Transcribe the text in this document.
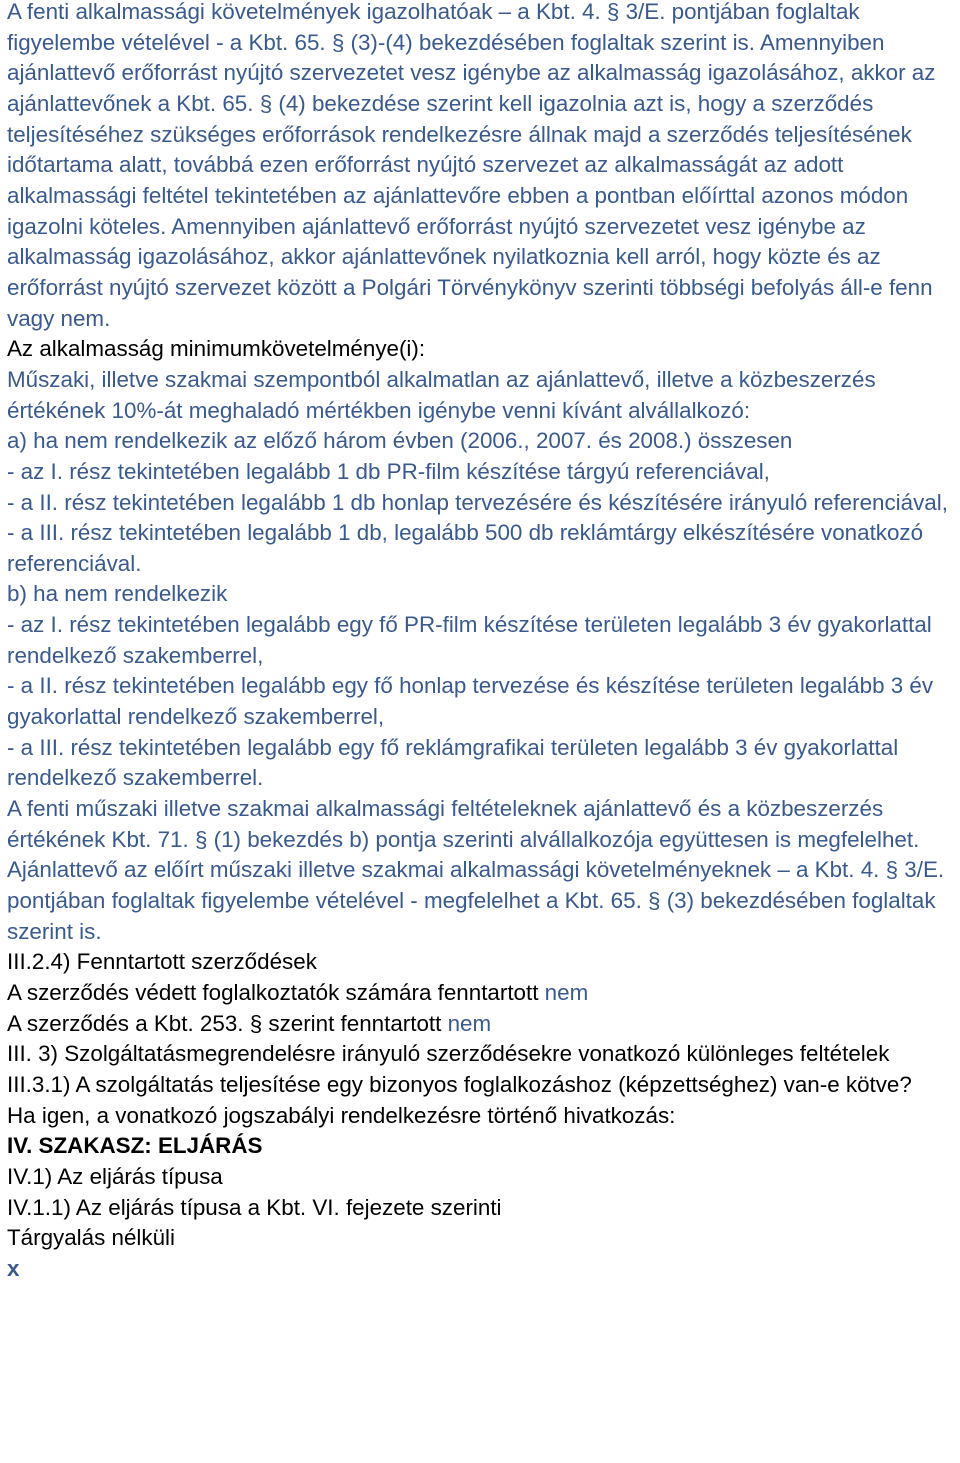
A fenti alkalmassági követelmények igazolhatóak – a Kbt. 4. § 3/E. pontjában foglaltak figyelembe vételével - a Kbt. 65. § (3)-(4) bekezdésében foglaltak szerint is. Amennyiben ajánlattevő erőforrást nyújtó szervezetet vesz igénybe az alkalmasság igazolásához, akkor az ajánlattevőnek a Kbt. 65. § (4) bekezdése szerint kell igazolnia azt is, hogy a szerződés teljesítéséhez szükséges erőforrások rendelkezésre állnak majd a szerződés teljesítésének időtartama alatt, továbbá ezen erőforrást nyújtó szervezet az alkalmasságát az adott alkalmassági feltétel tekintetében az ajánlattevőre ebben a pontban előírttal azonos módon igazolni köteles. Amennyiben ajánlattevő erőforrást nyújtó szervezetet vesz igénybe az alkalmasság igazolásához, akkor ajánlattevőnek nyilatkoznia kell arról, hogy közte és az erőforrást nyújtó szervezet között a Polgári Törvénykönyv szerinti többségi befolyás áll-e fenn vagy nem.

Az alkalmasság minimumkövetelménye(i):

Műszaki, illetve szakmai szempontból alkalmatlan az ajánlattevő, illetve a közbeszerzés értékének 10%-át meghaladó mértékben igénybe venni kívánt alvállalkozó:

a) ha nem rendelkezik az előző három évben (2006., 2007. és 2008.) összesen

- az I. rész tekintetében legalább 1 db PR-film készítése tárgyú referenciával,

- a II. rész tekintetében legalább 1 db honlap tervezésére és készítésére irányuló referenciával,

- a III. rész tekintetében legalább 1 db, legalább 500 db reklámtárgy elkészítésére vonatkozó referenciával.

b) ha nem rendelkezik

- az I. rész tekintetében legalább egy fő PR-film készítése területen legalább 3 év gyakorlattal rendelkező szakemberrel,

- a II. rész tekintetében legalább egy fő honlap tervezése és készítése területen legalább 3 év gyakorlattal rendelkező szakemberrel,

- a III. rész tekintetében legalább egy fő reklámgrafikai területen legalább 3 év gyakorlattal rendelkező szakemberrel.

A fenti műszaki illetve szakmai alkalmassági feltételeknek ajánlattevő és a közbeszerzés értékének Kbt. 71. § (1) bekezdés b) pontja szerinti alvállalkozója együttesen is megfelelhet.

Ajánlattevő az előírt műszaki illetve szakmai alkalmassági követelményeknek – a Kbt. 4. § 3/E. pontjában foglaltak figyelembe vételével - megfelelhet a Kbt. 65. § (3) bekezdésében foglaltak szerint is.

III.2.4) Fenntartott szerződések

A szerződés védett foglalkoztatók számára fenntartott nem

A szerződés a Kbt. 253. § szerint fenntartott nem

III. 3) Szolgáltatásmegrendelésre irányuló szerződésekre vonatkozó különleges feltételek

III.3.1) A szolgáltatás teljesítése egy bizonyos foglalkozáshoz (képzettséghez) van-e kötve?

Ha igen, a vonatkozó jogszabályi rendelkezésre történő hivatkozás:

IV. SZAKASZ: ELJÁRÁS

IV.1) Az eljárás típusa

IV.1.1) Az eljárás típusa a Kbt. VI. fejezete szerinti

Tárgyalás nélküli

x
